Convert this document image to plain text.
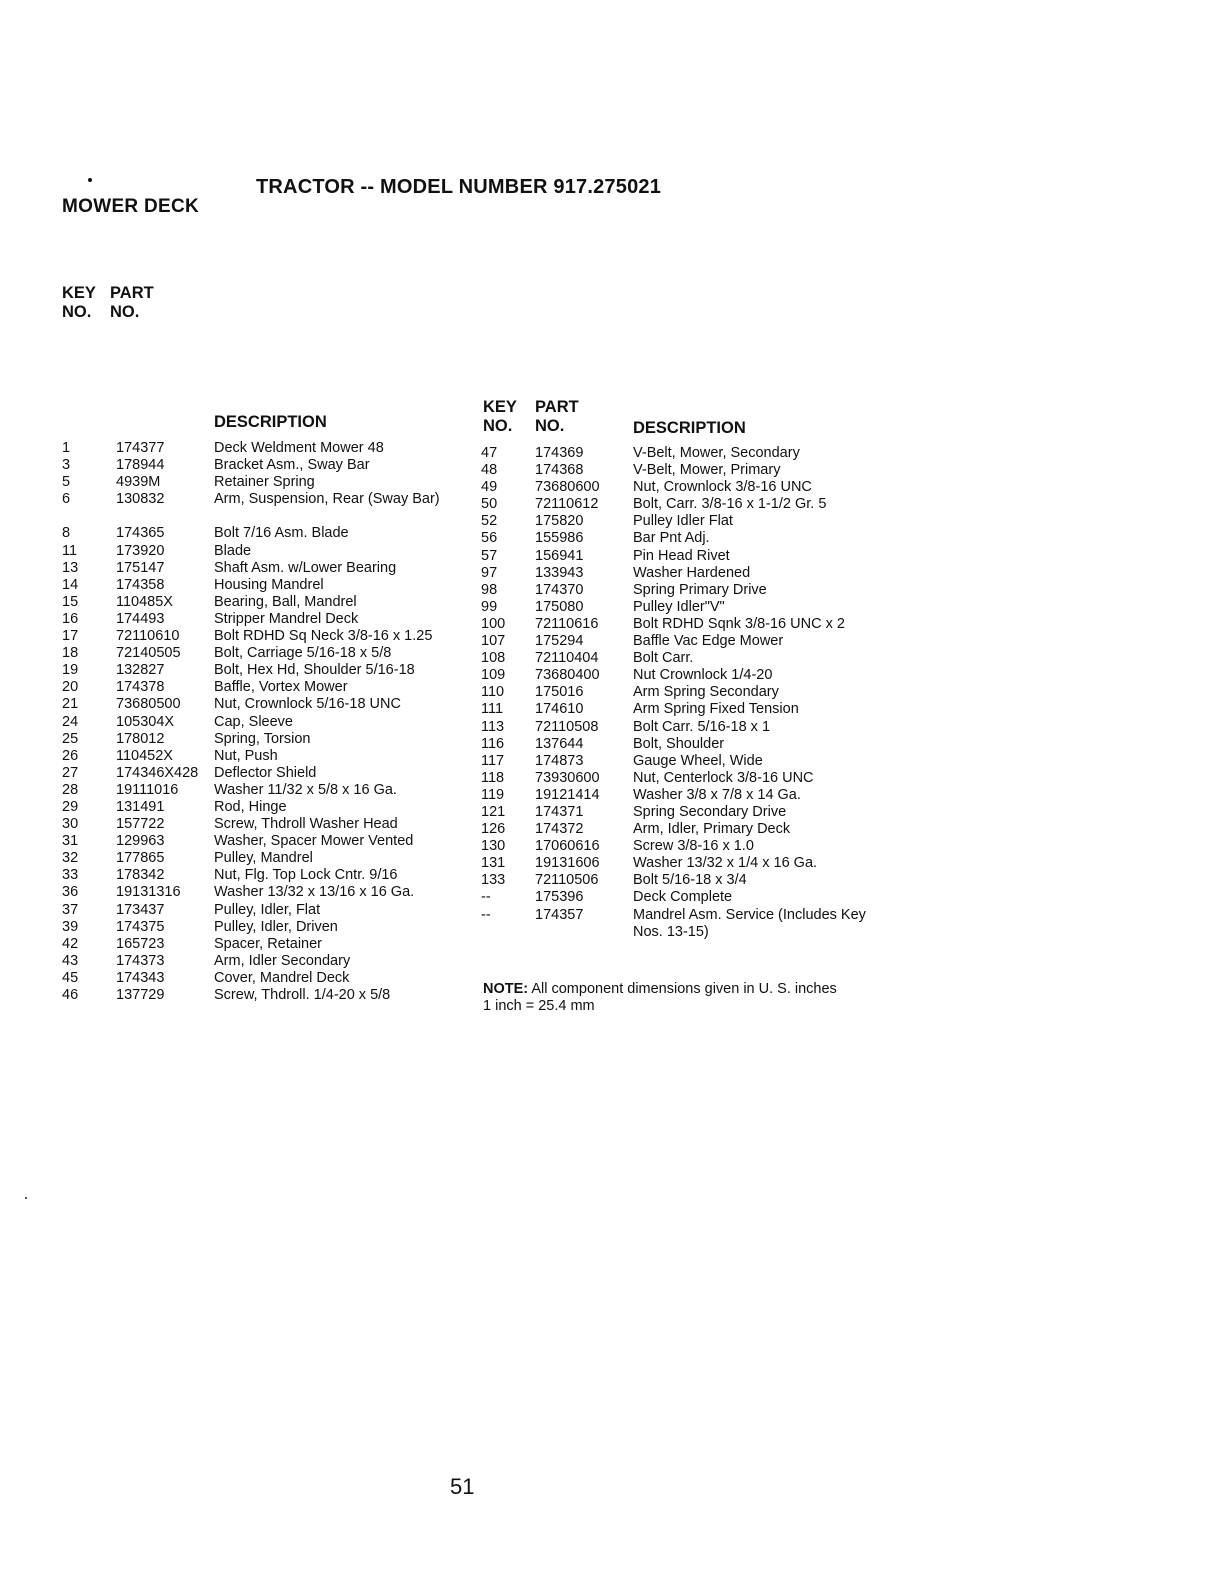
TRACTOR -- MODEL NUMBER 917.275021
MOWER DECK
KEY
NO.
PART
NO.
DESCRIPTION
KEY
NO.
PART
NO.	DESCRIPTION
1	174377	Deck Weldment Mower 48
3	178944	Bracket Asm., Sway Bar
5	4939M	Retainer Spring
6	130832	Arm, Suspension, Rear (Sway Bar)
8	174365	Bolt 7/16 Asm. Blade
11	173920	Blade
13	175147	Shaft Asm. w/Lower Bearing
14	174358	Housing Mandrel
15	110485X	Bearing, Ball, Mandrel
16	174493	Stripper Mandrel Deck
17	72110610 Bolt RDHD Sq Neck 3/8-16 x 1.25
18	72140505 Bolt, Carriage 5/16-18 x 5/8
19	132827	Bolt, Hex Hd, Shoulder 5/16-18
20	174378	Baffle, Vortex Mower
21	73680500 Nut, Crownlock 5/16-18 UNC
24	105304X	Cap, Sleeve
25	178012	Spring, Torsion
26	110452X	Nut, Push
27	174346X428 Deflector Shield
28	19111016 Washer 11/32 x 5/8 x 16 Ga.
29	131491	Rod, Hinge
30	157722	Screw, Thdroll Washer Head
31	129963	Washer, Spacer Mower Vented
32	177865	Pulley, Mandrel
33	178342	Nut, Flg. Top Lock Cntr. 9/16
36	19131316 Washer 13/32 x 13/16 x 16 Ga.
37	173437	Pulley, Idler, Flat
39	174375	Pulley, Idler, Driven
42	165723	Spacer, Retainer
43	174373	Arm, Idler Secondary
45	174343	Cover, Mandrel Deck
46	137729	Screw, Thdroll. 1/4-20 x 5/8
47	174369	V-Belt, Mower, Secondary
48	174368	V-Belt, Mower, Primary
49	73680600 Nut, Crownlock 3/8-16 UNC
50	72110612 Bolt, Carr. 3/8-16 x 1-1/2 Gr. 5
52	175820	Pulley Idler Flat
56	155986	Bar Pnt Adj.
57	156941	Pin Head Rivet
97	133943	Washer Hardened
98	174370	Spring Primary Drive
99	175080	Pulley Idler"V"
100 72110616 Bolt RDHD Sqnk 3/8-16 UNC x 2
107 175294	Baffle Vac Edge Mower
108 72110404 Bolt Carr.
109 73680400 Nut Crownlock 1/4-20
110 175016	Arm Spring Secondary
111 174610	Arm Spring Fixed Tension
113 72110508 Bolt Carr. 5/16-18 x 1
116 137644	Bolt, Shoulder
117 174873	Gauge Wheel, Wide
118 73930600 Nut, Centerlock 3/8-16 UNC
119 19121414 Washer 3/8 x 7/8 x 14 Ga.
121 174371	Spring Secondary Drive
126 174372	Arm, Idler, Primary Deck
130 17060616 Screw 3/8-16 x 1.0
131 19131606 Washer 13/32 x 1/4 x 16 Ga.
133 72110506 Bolt 5/16-18 x 3/4
--	175396	Deck Complete
--	174357	Mandrel Asm. Service (Includes Key Nos. 13-15)
NOTE: All component dimensions given in U. S. inches 1 inch = 25.4 mm
51
